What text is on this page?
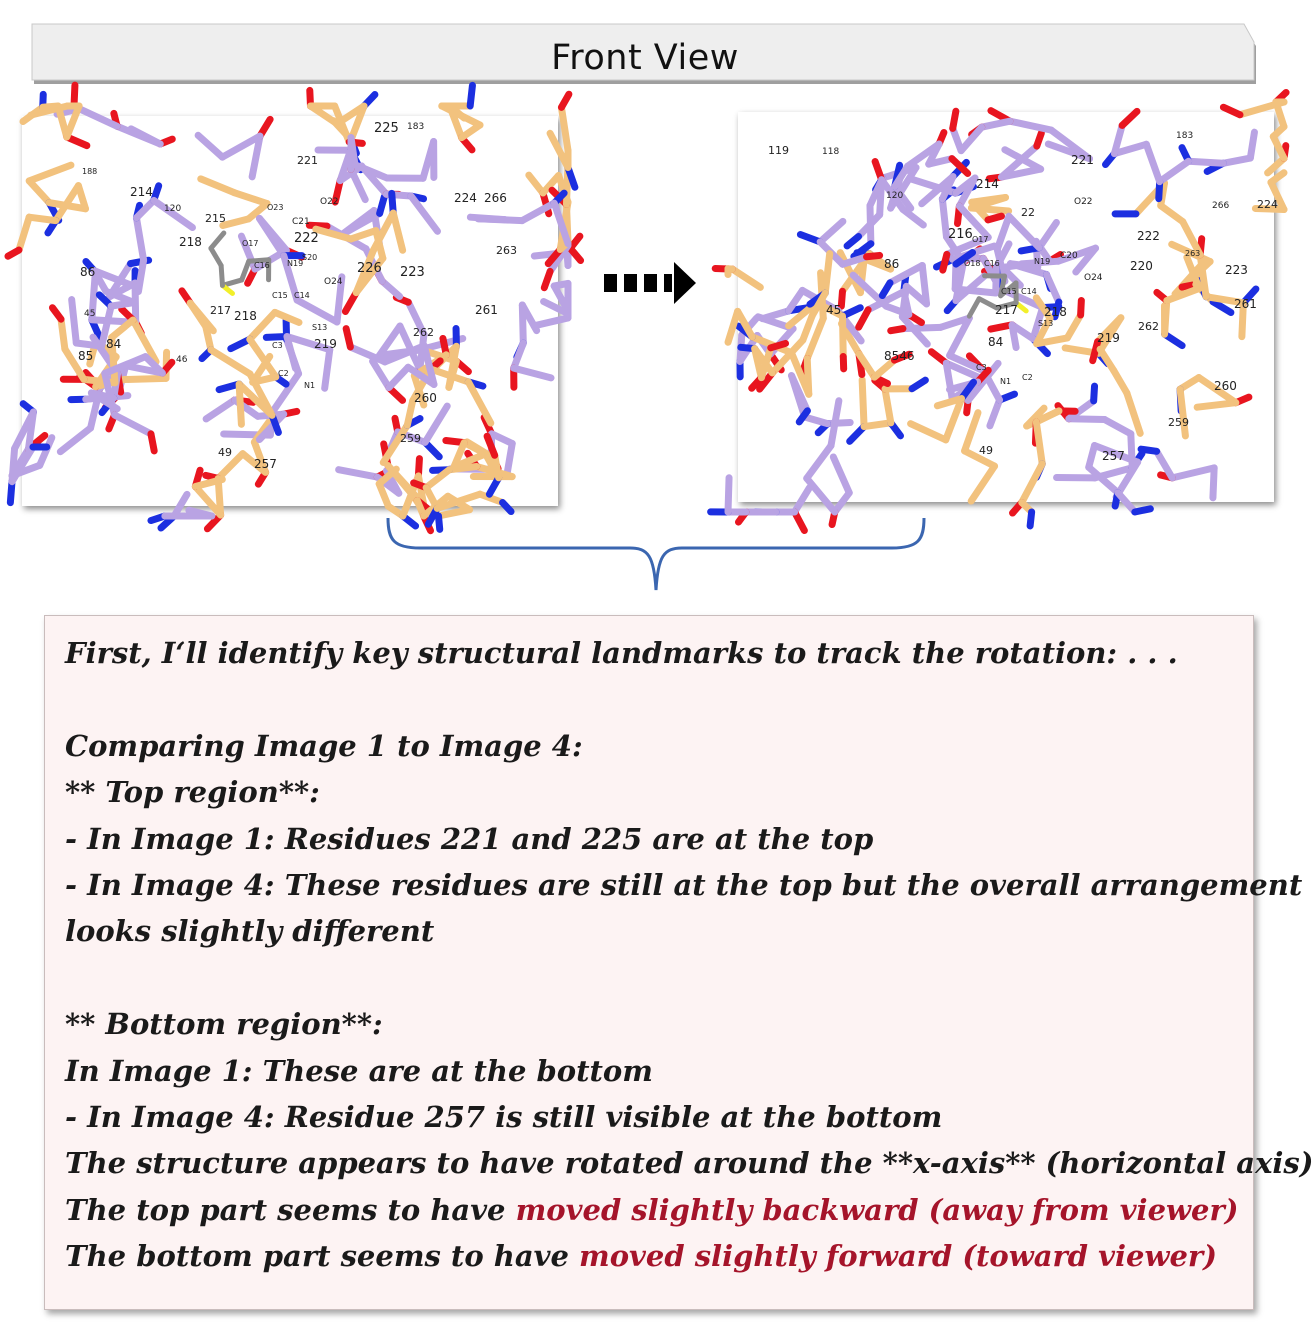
Front View
225 183
221
214
218
120
215
O22
O23
C21
222
O17
N19
C16
S20
224 266
226 223
263
O24
C15 C14
86
45	217 218
S13
219
262
261
84
85	46
C3
N1
C2
260
259
49
257
188
119	118
120
183
221
214
22
O22	266	224
216 O17
N19
C20
222
O18 C16	220
263
223
86
O24
C15 C14
45	217 218
S13
219
262
261
8546
84
C3
N1 C2
260
259
49	257
First, I‘ll identify key structural landmarks to track the rotation: . . .
Comparing Image 1 to Image 4:
** Top region**:
- In Image 1: Residues 221 and 225 are at the top
- In Image 4: These residues are still at the top but the overall arrangement
looks slightly different
** Bottom region**:
In Image 1: These are at the bottom
- In Image 4: Residue 257 is still visible at the bottom
The structure appears to have rotated around the **x-axis** (horizontal axis)
The top part seems to have moved slightly backward (away from viewer)
The bottom part seems to have moved slightly forward (toward viewer)
